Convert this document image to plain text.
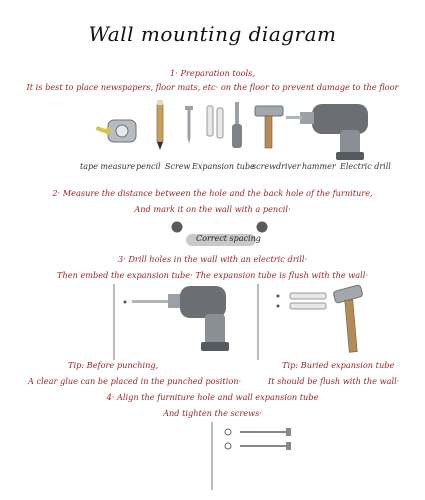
Wall mounting diagram
1· Preparation tools,
It is best to place newspapers, floor mats, etc· on the floor to prevent damage to the floor
tape measure pencil Screw Expansion tube
screwdriver hammer Electric drill
2· Measure the distance between the hole and the back hole of the furniture,
And mark it on the wall with a pencil·
Correct spacing
3· Drill holes in the wall with an electric drill·
Then embed the expansion tube· The expansion tube is flush with the wall·
Tip: Before punching,
A clear glue can be placed in the punched position·
Tip: Buried expansion tube
It should be flush with the wall·
4· Align the furniture hole and wall expansion tube
And tighten the screws·
